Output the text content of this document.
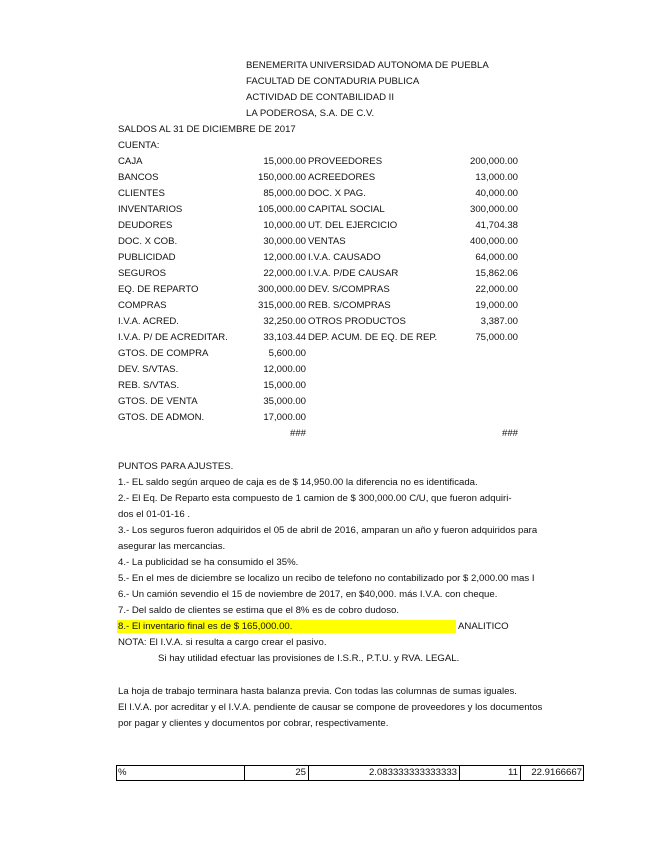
BENEMERITA UNIVERSIDAD AUTONOMA DE PUEBLA
FACULTAD DE CONTADURIA PUBLICA
ACTIVIDAD DE CONTABILIDAD II
LA PODEROSA, S.A. DE C.V.
SALDOS AL 31 DE DICIEMBRE DE 2017
CUENTA:
CAJA	15,000.00 PROVEEDORES	200,000.00
BANCOS	150,000.00 ACREEDORES	13,000.00
CLIENTES	85,000.00 DOC. X PAG.	40,000.00
INVENTARIOS	105,000.00 CAPITAL SOCIAL	300,000.00
DEUDORES	10,000.00 UT. DEL EJERCICIO	41,704.38
DOC. X COB.	30,000.00 VENTAS	400,000.00
PUBLICIDAD	12,000.00 I.V.A. CAUSADO	64,000.00
SEGUROS	22,000.00 I.V.A. P/DE CAUSAR	15,862.06
EQ. DE REPARTO	300,000.00 DEV. S/COMPRAS	22,000.00
COMPRAS	315,000.00 REB. S/COMPRAS	19,000.00
I.V.A. ACRED.	32,250.00 OTROS PRODUCTOS	3,387.00
I.V.A. P/ DE ACREDITAR.	33,103.44 DEP. ACUM. DE EQ. DE REP.	75,000.00
GTOS. DE COMPRA	5,600.00
DEV. S/VTAS.	12,000.00
REB. S/VTAS.	15,000.00
GTOS. DE VENTA	35,000.00
GTOS. DE ADMON.	17,000.00
###	###
PUNTOS PARA AJUSTES.
1.- EL saldo según arqueo de caja es de $ 14,950.00 la diferencia no es identificada.
2.- El Eq. De Reparto esta compuesto de 1 camion de $ 300,000.00 C/U, que fueron adquiri-
dos el 01-01-16 .
3.- Los seguros fueron adquiridos el 05 de abril de 2016, amparan un año y fueron adquiridos para
asegurar las mercancias.
4.- La publicidad se ha consumido el 35%.
5.- En el mes de diciembre se localizo un recibo de telefono no contabilizado por $ 2,000.00 mas I
6.- Un camión sevendio el 15 de noviembre de 2017, en $40,000. más I.V.A. con cheque.
7.- Del saldo de clientes se estima que el 8% es de cobro dudoso.
8.- El inventario final es de $ 165,000.00.	ANALITICO
NOTA: El I.V.A. si resulta a cargo crear el pasivo.
Si hay utilidad efectuar las provisiones de I.S.R., P.T.U. y RVA. LEGAL.
La hoja de trabajo terminara hasta balanza previa. Con todas las columnas de sumas iguales.
El I.V.A. por acreditar y el I.V.A. pendiente de causar se compone de proveedores y los documentos
por pagar y clientes y documentos por cobrar, respectivamente.
%	25	2.083333333333333	11	22.9166667
